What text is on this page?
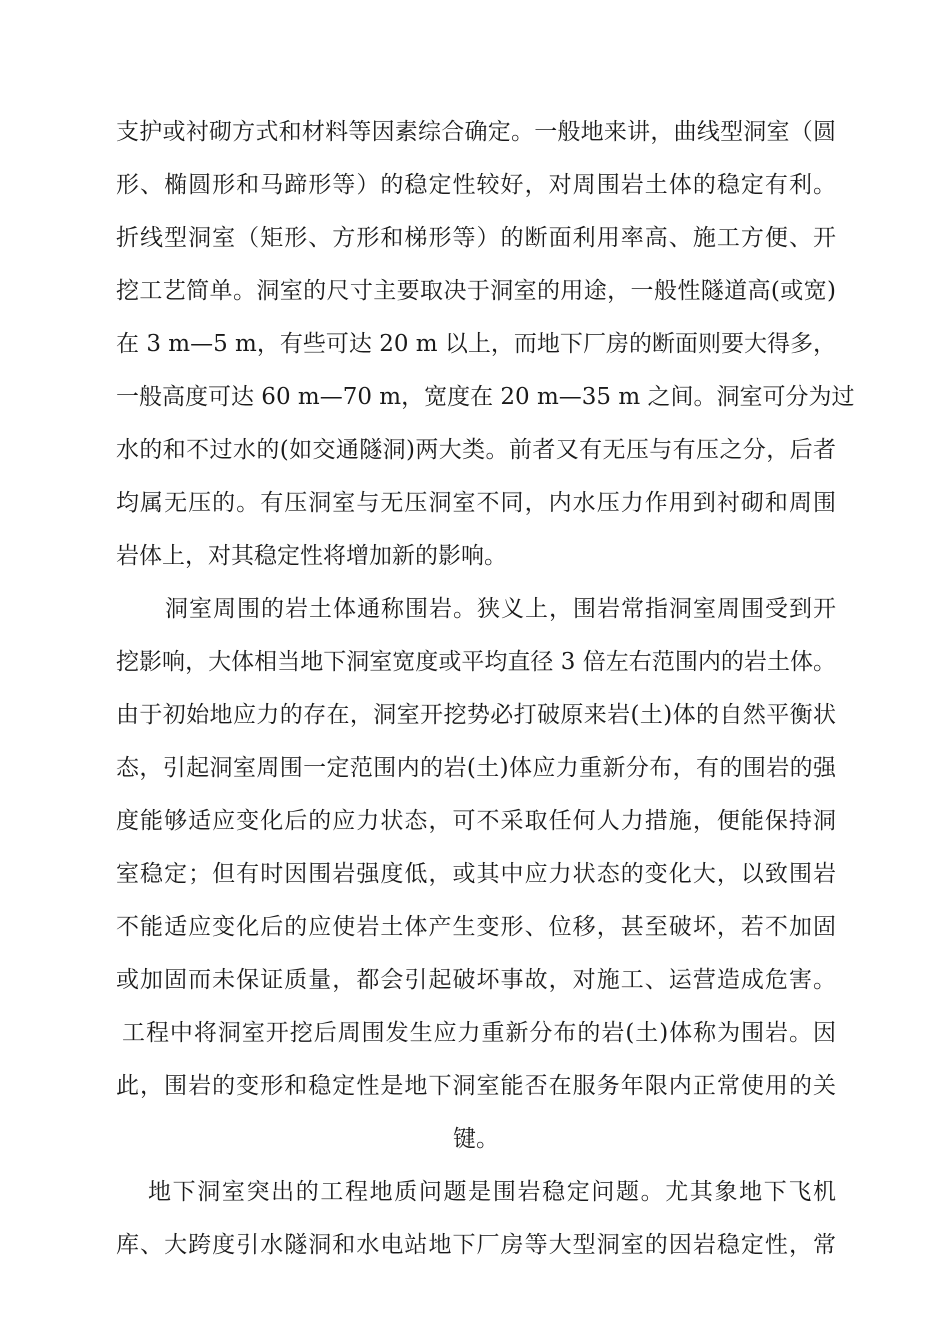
支护或衬砌方式和材料等因素综合确定。一般地来讲，曲线型洞室（圆
形、椭圆形和马蹄形等）的稳定性较好，对周围岩土体的稳定有利。
折线型洞室（矩形、方形和梯形等）的断面利用率高、施工方便、开
挖工艺简单。洞室的尺寸主要取决于洞室的用途，一般性隧道高(或宽)
在 3 m—5 m，有些可达 20 m 以上，而地下厂房的断面则要大得多，
一般高度可达 60 m—70 m，宽度在 20 m—35 m 之间。洞室可分为过
水的和不过水的(如交通隧洞)两大类。前者又有无压与有压之分，后者
均属无压的。有压洞室与无压洞室不同，内水压力作用到衬砌和周围
岩体上，对其稳定性将增加新的影响。
洞室周围的岩土体通称围岩。狭义上，围岩常指洞室周围受到开
挖影响，大体相当地下洞室宽度或平均直径 3 倍左右范围内的岩土体。
由于初始地应力的存在，洞室开挖势必打破原来岩(土)体的自然平衡状
态，引起洞室周围一定范围内的岩(土)体应力重新分布，有的围岩的强
度能够适应变化后的应力状态，可不采取任何人力措施，便能保持洞
室稳定；但有时因围岩强度低，或其中应力状态的变化大，以致围岩
不能适应变化后的应使岩土体产生变形、位移，甚至破坏，若不加固
或加固而未保证质量，都会引起破坏事故，对施工、运营造成危害。
工程中将洞室开挖后周围发生应力重新分布的岩(土)体称为围岩。因
此，围岩的变形和稳定性是地下洞室能否在服务年限内正常使用的关
键。
地下洞室突出的工程地质问题是围岩稳定问题。尤其象地下飞机
库、大跨度引水隧洞和水电站地下厂房等大型洞室的因岩稳定性，常
